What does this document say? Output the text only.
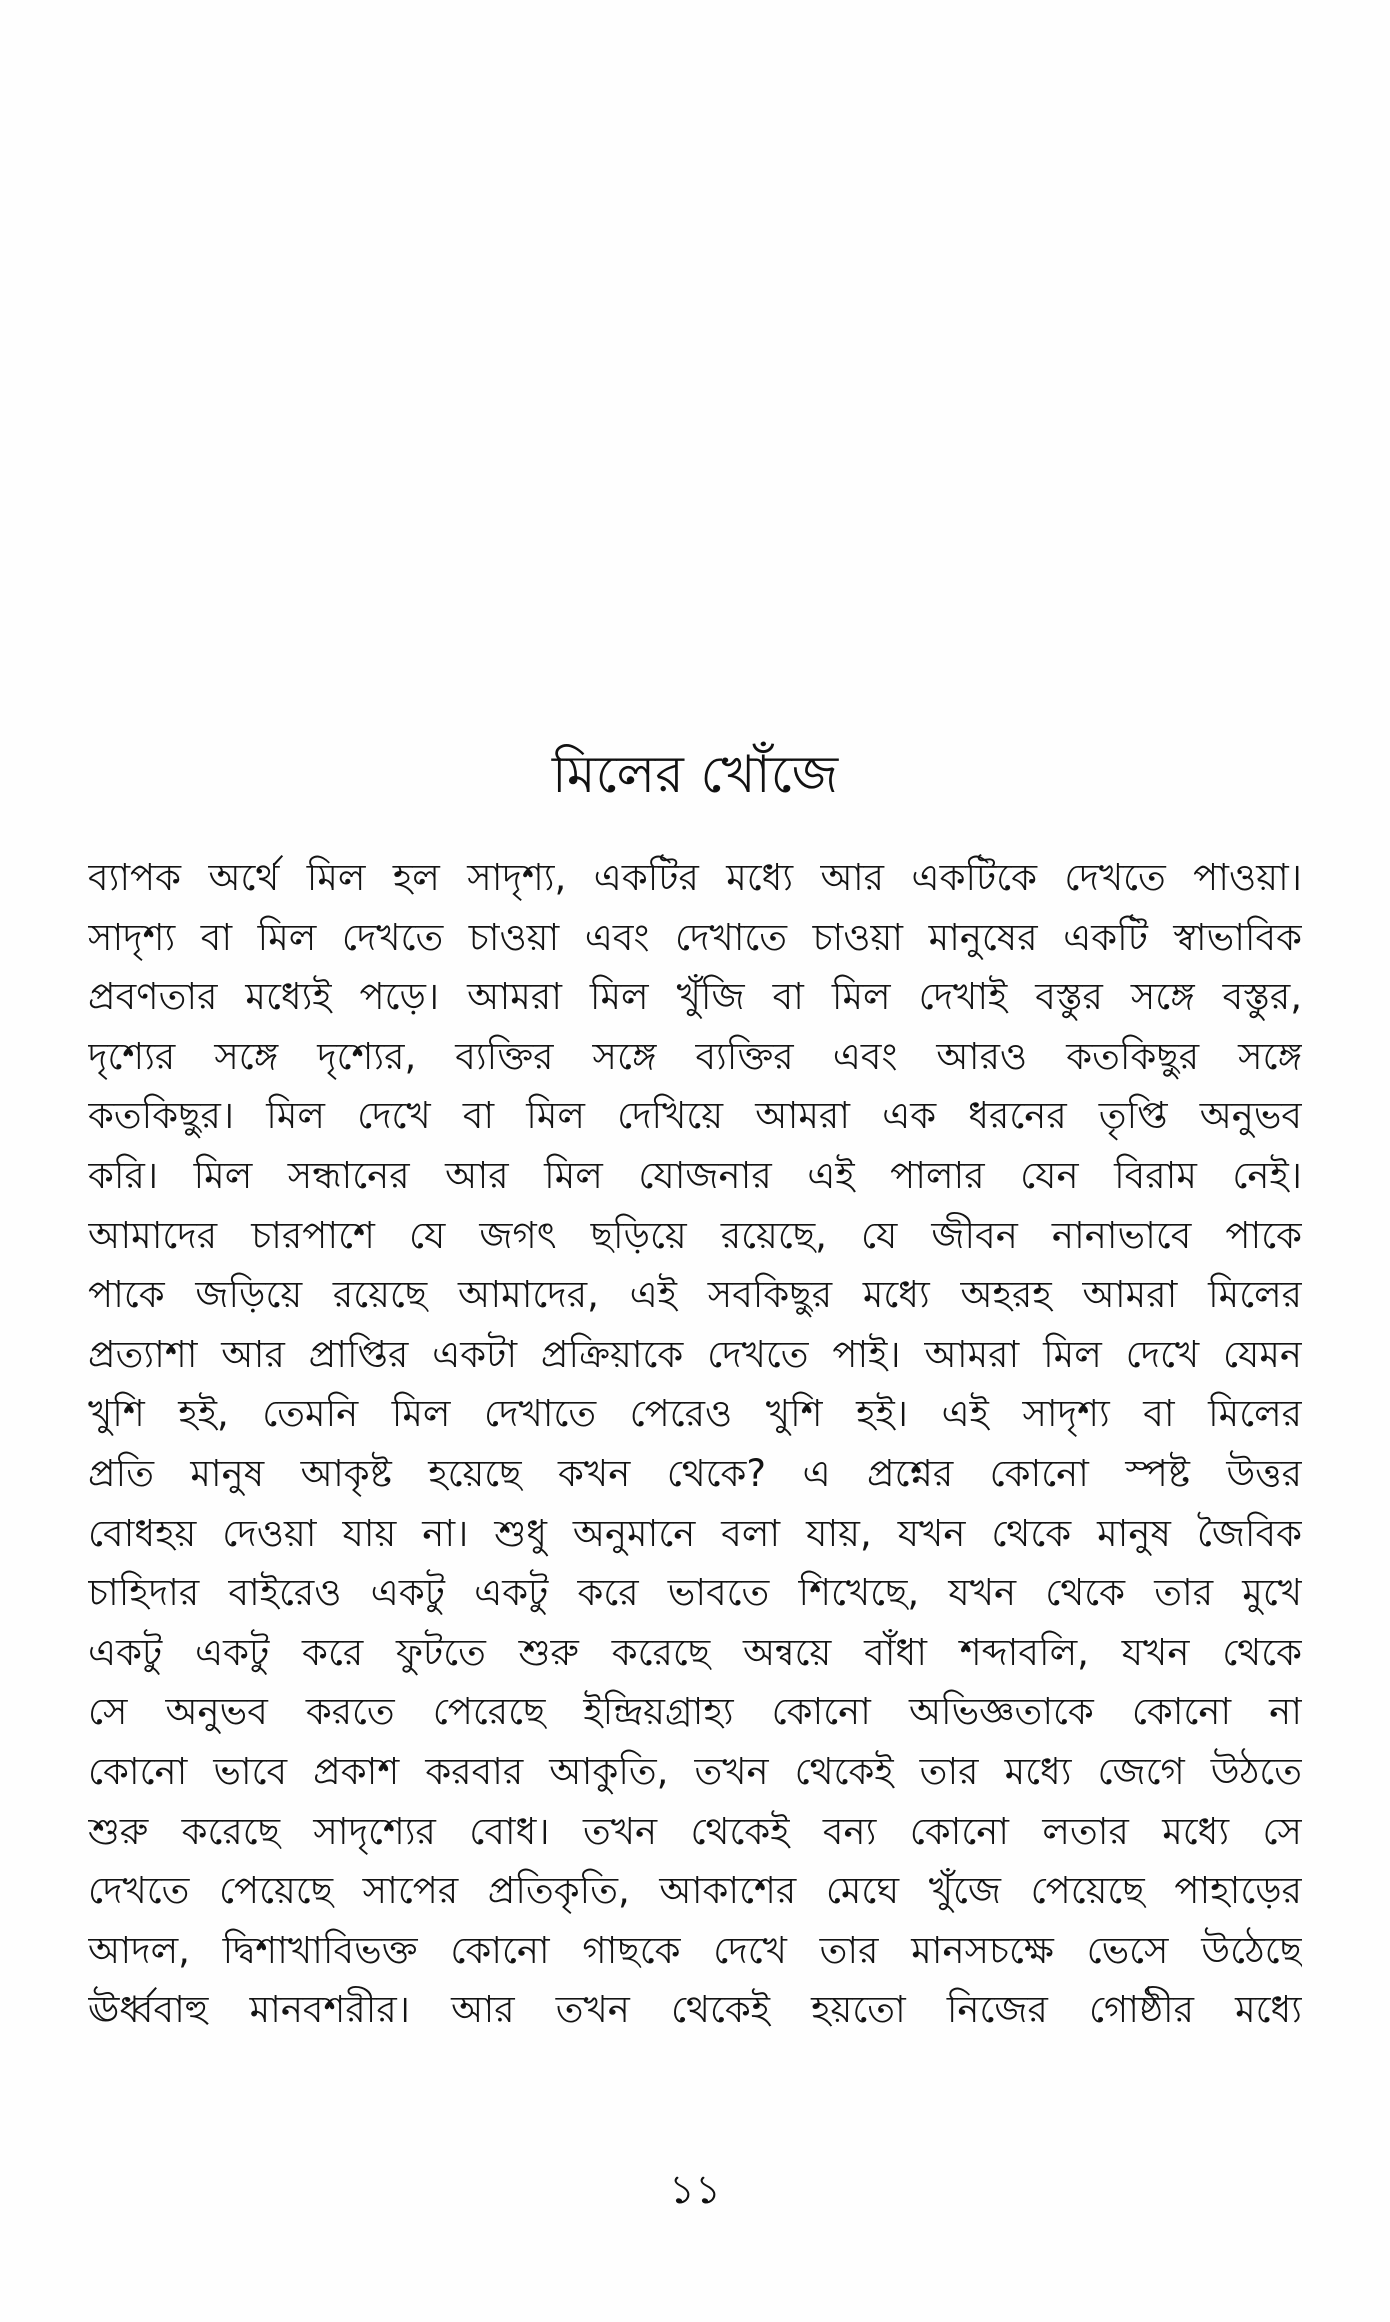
মিলের খোঁজে
ব্যাপক অর্থে মিল হল সাদৃশ্য, একটির মধ্যে আর একটিকে দেখতে পাওয়া।
সাদৃশ্য বা মিল দেখতে চাওয়া এবং দেখাতে চাওয়া মানুষের একটি স্বাভাবিক
প্রবণতার মধ্যেই পড়ে। আমরা মিল খুঁজি বা মিল দেখাই বস্তুর সঙ্গে বস্তুর,
দৃশ্যের সঙ্গে দৃশ্যের, ব্যক্তির সঙ্গে ব্যক্তির এবং আরও কতকিছুর সঙ্গে
কতকিছুর। মিল দেখে বা মিল দেখিয়ে আমরা এক ধরনের তৃপ্তি অনুভব
করি। মিল সন্ধানের আর মিল যোজনার এই পালার যেন বিরাম নেই।
আমাদের চারপাশে যে জগৎ ছড়িয়ে রয়েছে, যে জীবন নানাভাবে পাকে
পাকে জড়িয়ে রয়েছে আমাদের, এই সবকিছুর মধ্যে অহরহ আমরা মিলের
প্রত্যাশা আর প্রাপ্তির একটা প্রক্রিয়াকে দেখতে পাই। আমরা মিল দেখে যেমন
খুশি হই, তেমনি মিল দেখাতে পেরেও খুশি হই। এই সাদৃশ্য বা মিলের
প্রতি মানুষ আকৃষ্ট হয়েছে কখন থেকে? এ প্রশ্নের কোনো স্পষ্ট উত্তর
বোধহয় দেওয়া যায় না। শুধু অনুমানে বলা যায়, যখন থেকে মানুষ জৈবিক
চাহিদার বাইরেও একটু একটু করে ভাবতে শিখেছে, যখন থেকে তার মুখে
একটু একটু করে ফুটতে শুরু করেছে অন্বয়ে বাঁধা শব্দাবলি, যখন থেকে
সে অনুভব করতে পেরেছে ইন্দ্রিয়গ্রাহ্য কোনো অভিজ্ঞতাকে কোনো না
কোনো ভাবে প্রকাশ করবার আকুতি, তখন থেকেই তার মধ্যে জেগে উঠতে
শুরু করেছে সাদৃশ্যের বোধ। তখন থেকেই বন্য কোনো লতার মধ্যে সে
দেখতে পেয়েছে সাপের প্রতিকৃতি, আকাশের মেঘে খুঁজে পেয়েছে পাহাড়ের
আদল, দ্বিশাখাবিভক্ত কোনো গাছকে দেখে তার মানসচক্ষে ভেসে উঠেছে
ঊর্ধ্ববাহু মানবশরীর। আর তখন থেকেই হয়তো নিজের গোষ্ঠীর মধ্যে
১১
